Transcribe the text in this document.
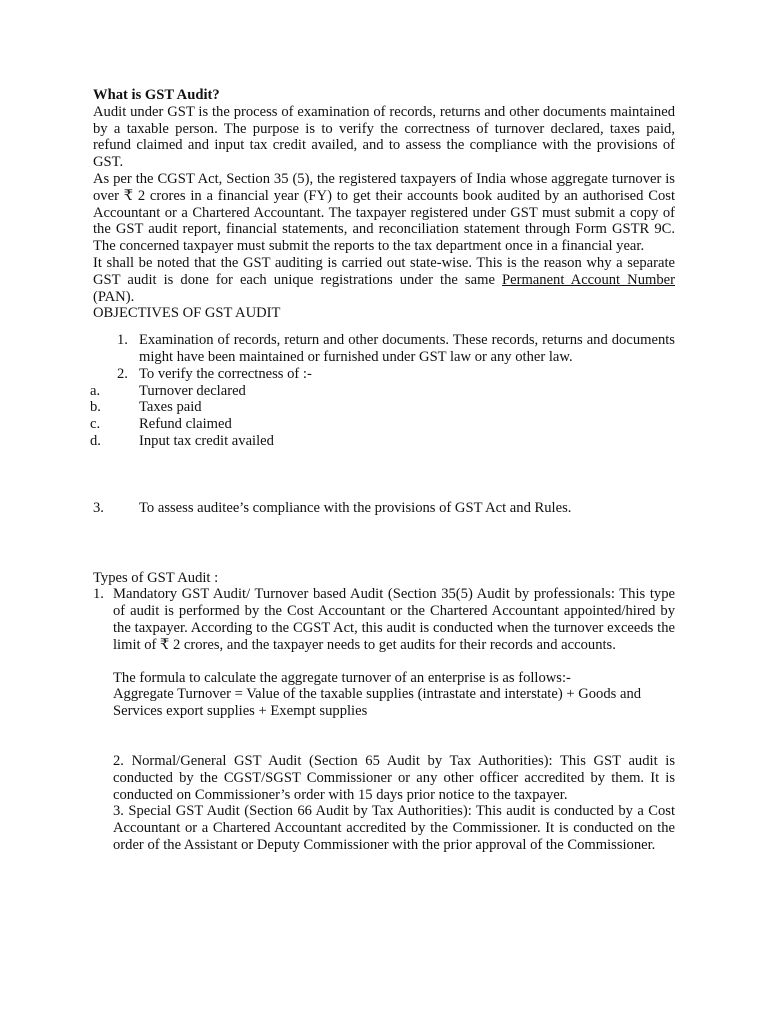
What is GST Audit?

Audit under GST is the process of examination of records, returns and other documents maintained by a taxable person. The purpose is to verify the correctness of turnover declared, taxes paid, refund claimed and input tax credit availed, and to assess the compliance with the provisions of GST.

As per the CGST Act, Section 35 (5), the registered taxpayers of India whose aggregate turnover is over ₹ 2 crores in a financial year (FY) to get their accounts book audited by an authorised Cost Accountant or a Chartered Accountant. The taxpayer registered under GST must submit a copy of the GST audit report, financial statements, and reconciliation statement through Form GSTR 9C. The concerned taxpayer must submit the reports to the tax department once in a financial year.

It shall be noted that the GST auditing is carried out state-wise. This is the reason why a separate GST audit is done for each unique registrations under the same Permanent Account Number (PAN).

OBJECTIVES OF GST AUDIT

1. Examination of records, return and other documents. These records, returns and documents might have been maintained or furnished under GST law or any other law.
2. To verify the correctness of :-
a.	Turnover declared
b.	Taxes paid
c.	Refund claimed
d.	Input tax credit availed
3. To assess auditee’s compliance with the provisions of GST Act and Rules.

Types of GST Audit :

1. Mandatory GST Audit/ Turnover based Audit (Section 35(5) Audit by professionals: This type of audit is performed by the Cost Accountant or the Chartered Accountant appointed/hired by the taxpayer. According to the CGST Act, this audit is conducted when the turnover exceeds the limit of ₹ 2 crores, and the taxpayer needs to get audits for their records and accounts.

The formula to calculate the aggregate turnover of an enterprise is as follows:-

Aggregate Turnover = Value of the taxable supplies (intrastate and interstate) + Goods and Services export supplies + Exempt supplies

2. Normal/General GST Audit (Section 65 Audit by Tax Authorities): This GST audit is conducted by the CGST/SGST Commissioner or any other officer accredited by them. It is conducted on Commissioner’s order with 15 days prior notice to the taxpayer.
3. Special GST Audit (Section 66 Audit by Tax Authorities): This audit is conducted by a Cost Accountant or a Chartered Accountant accredited by the Commissioner. It is conducted on the order of the Assistant or Deputy Commissioner with the prior approval of the Commissioner.
